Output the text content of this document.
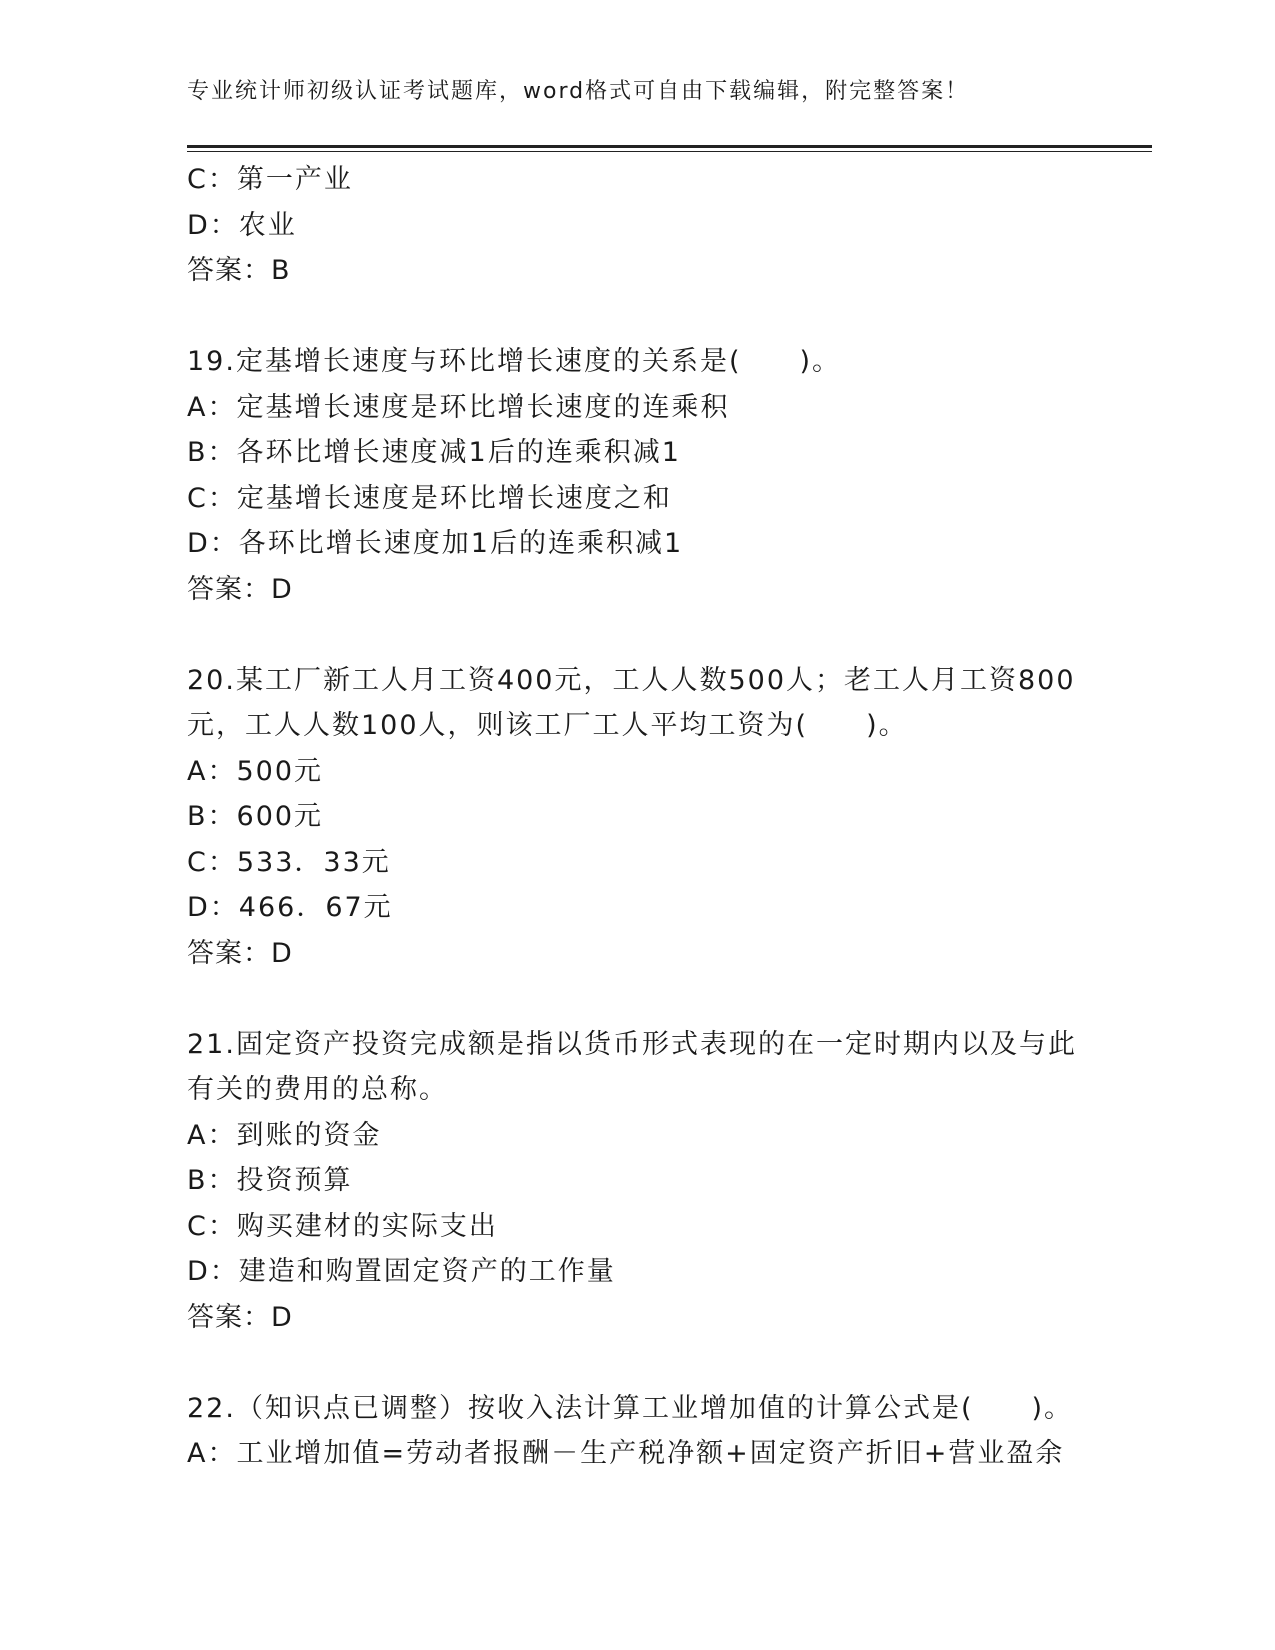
专业统计师初级认证考试题库，word格式可自由下载编辑，附完整答案！
C：第一产业
D：农业
答案：B
19.定基增长速度与环比增长速度的关系是(　　)。
A：定基增长速度是环比增长速度的连乘积
B：各环比增长速度减1后的连乘积减1
C：定基增长速度是环比增长速度之和
D：各环比增长速度加1后的连乘积减1
答案：D
20.某工厂新工人月工资400元，工人人数500人；老工人月工资800
元，工人人数100人，则该工厂工人平均工资为(　　)。
A：500元
B：600元
C：533．33元
D：466．67元
答案：D
21.固定资产投资完成额是指以货币形式表现的在一定时期内以及与此
有关的费用的总称。
A：到账的资金
B：投资预算
C：购买建材的实际支出
D：建造和购置固定资产的工作量
答案：D
22.（知识点已调整）按收入法计算工业增加值的计算公式是(　　)。
A：工业增加值=劳动者报酬－生产税净额+固定资产折旧+营业盈余
